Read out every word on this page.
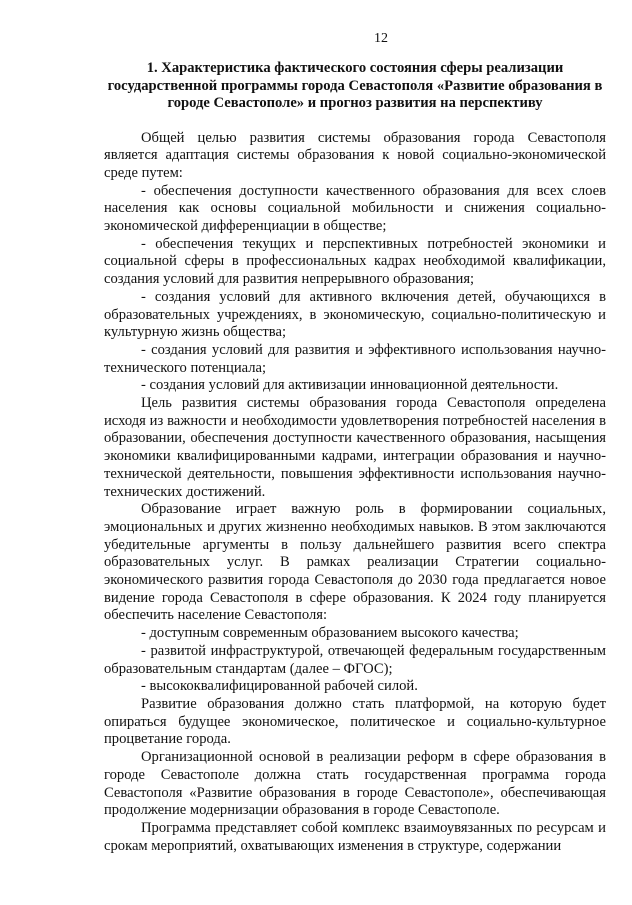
12
1. Характеристика фактического состояния сферы реализации государственной программы города Севастополя «Развитие образования в городе Севастополе» и прогноз развития на перспективу

Общей целью развития системы образования города Севастополя является адаптация системы образования к новой социально-экономической среде путем:

- обеспечения доступности качественного образования для всех слоев населения как основы социальной мобильности и снижения социально-экономической дифференциации в обществе;

- обеспечения текущих и перспективных потребностей экономики и социальной сферы в профессиональных кадрах необходимой квалификации, создания условий для развития непрерывного образования;

- создания условий для активного включения детей, обучающихся в образовательных учреждениях, в экономическую, социально-политическую и культурную жизнь общества;

- создания условий для развития и эффективного использования научно-технического потенциала;

- создания условий для активизации инновационной деятельности.

Цель развития системы образования города Севастополя определена исходя из важности и необходимости удовлетворения потребностей населения в образовании, обеспечения доступности качественного образования, насыщения экономики квалифицированными кадрами, интеграции образования и научно-технической деятельности, повышения эффективности использования научно-технических достижений.

Образование играет важную роль в формировании социальных, эмоциональных и других жизненно необходимых навыков. В этом заключаются убедительные аргументы в пользу дальнейшего развития всего спектра образовательных услуг. В рамках реализации Стратегии социально-экономического развития города Севастополя до 2030 года предлагается новое видение города Севастополя в сфере образования. К 2024 году планируется обеспечить население Севастополя:

- доступным современным образованием высокого качества;

- развитой инфраструктурой, отвечающей федеральным государственным образовательным стандартам (далее – ФГОС);

- высококвалифицированной рабочей силой.

Развитие образования должно стать платформой, на которую будет опираться будущее экономическое, политическое и социально-культурное процветание города.

Организационной основой в реализации реформ в сфере образования в городе Севастополе должна стать государственная программа города Севастополя «Развитие образования в городе Севастополе», обеспечивающая продолжение модернизации образования в городе Севастополе.

Программа представляет собой комплекс взаимоувязанных по ресурсам и срокам мероприятий, охватывающих изменения в структуре, содержании
